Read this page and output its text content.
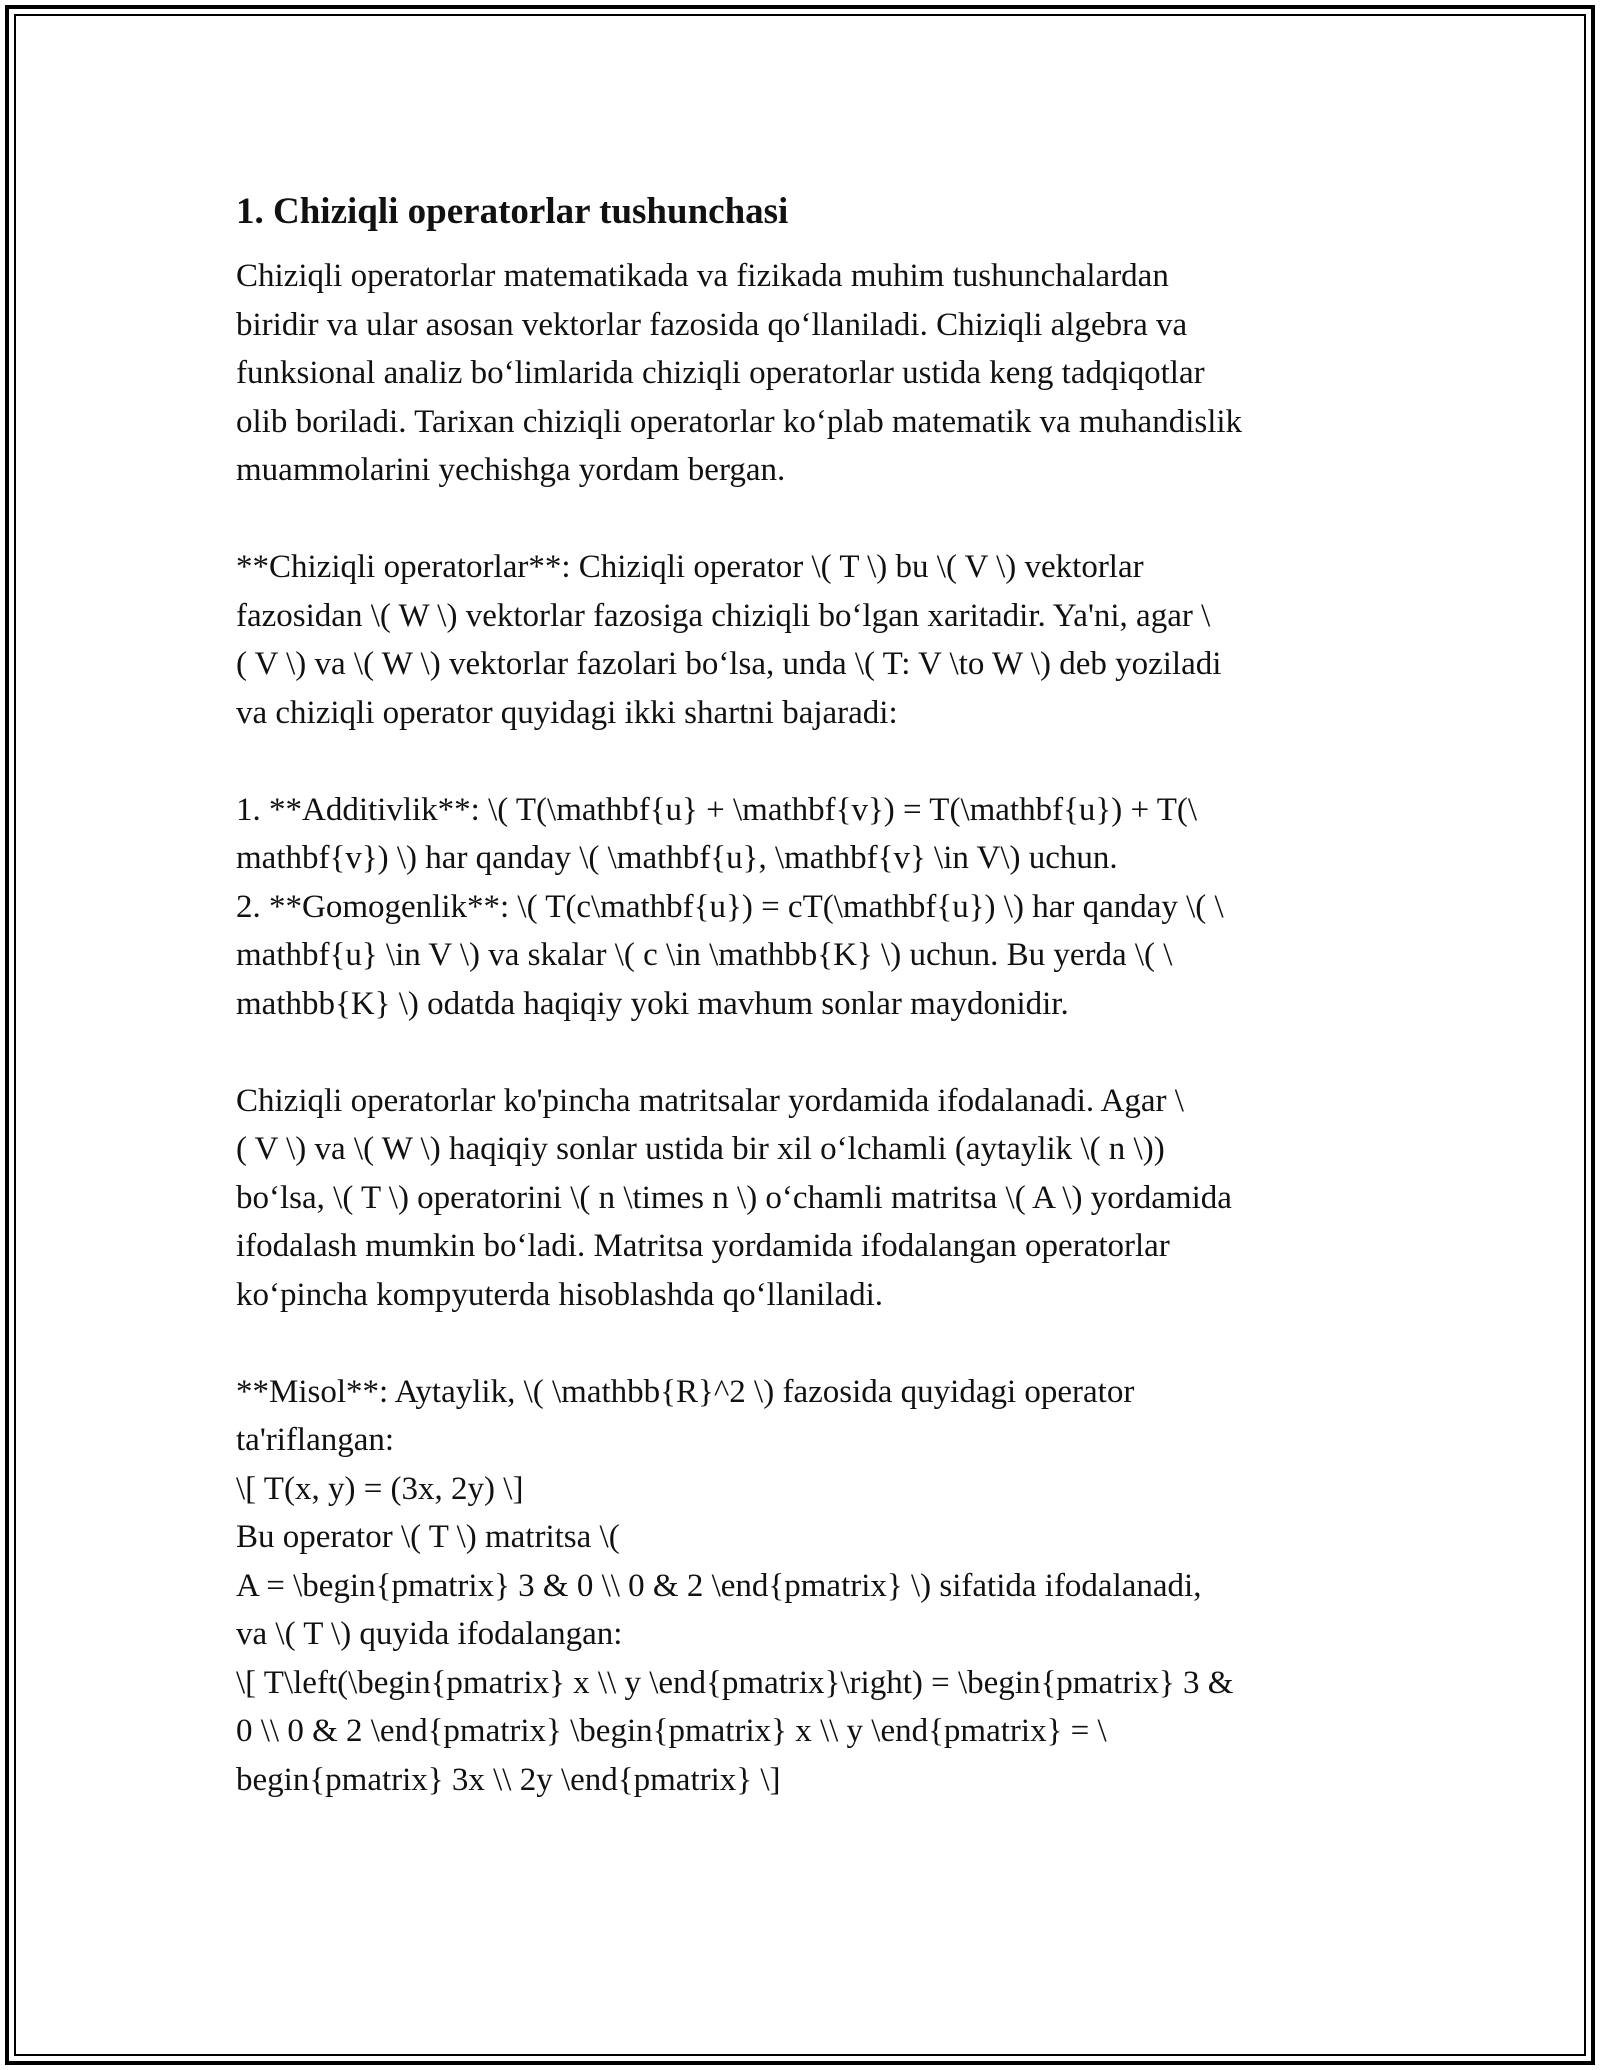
1. Chiziqli operatorlar tushunchasi
Chiziqli operatorlar matematikada va fizikada muhim tushunchalardan
biridir va ular asosan vektorlar fazosida qo‘llaniladi. Chiziqli algebra va
funksional analiz bo‘limlarida chiziqli operatorlar ustida keng tadqiqotlar
olib boriladi. Tarixan chiziqli operatorlar ko‘plab matematik va muhandislik
muammolarini yechishga yordam bergan.
**Chiziqli operatorlar**: Chiziqli operator \( T \) bu \( V \) vektorlar
fazosidan \( W \) vektorlar fazosiga chiziqli bo‘lgan xaritadir. Ya'ni, agar \
( V \) va \( W \) vektorlar fazolari bo‘lsa, unda \( T: V \to W \) deb yoziladi
va chiziqli operator quyidagi ikki shartni bajaradi:
1. **Additivlik**: \( T(\mathbf{u} + \mathbf{v}) = T(\mathbf{u}) + T(\
mathbf{v}) \) har qanday \( \mathbf{u}, \mathbf{v} \in V\) uchun.
2. **Gomogenlik**: \( T(c\mathbf{u}) = cT(\mathbf{u}) \) har qanday \( \
mathbf{u} \in V \) va skalar \( c \in \mathbb{K} \) uchun. Bu yerda \( \
mathbb{K} \) odatda haqiqiy yoki mavhum sonlar maydonidir.
Chiziqli operatorlar ko'pincha matritsalar yordamida ifodalanadi. Agar \
( V \) va \( W \) haqiqiy sonlar ustida bir xil o‘lchamli (aytaylik \( n \))
bo‘lsa, \( T \) operatorini \( n \times n \) o‘chamli matritsa \( A \) yordamida
ifodalash mumkin bo‘ladi. Matritsa yordamida ifodalangan operatorlar
ko‘pincha kompyuterda hisoblashda qo‘llaniladi.
**Misol**: Aytaylik, \( \mathbb{R}^2 \) fazosida quyidagi operator
ta'riflangan:
\[ T(x, y) = (3x, 2y) \]
Bu operator \( T \) matritsa \(
A = \begin{pmatrix} 3 & 0 \\ 0 & 2 \end{pmatrix} \) sifatida ifodalanadi,
va \( T \) quyida ifodalangan:
\[ T\left(\begin{pmatrix} x \\ y \end{pmatrix}\right) = \begin{pmatrix} 3 &
0 \\ 0 & 2 \end{pmatrix} \begin{pmatrix} x \\ y \end{pmatrix} = \
begin{pmatrix} 3x \\ 2y \end{pmatrix} \]
